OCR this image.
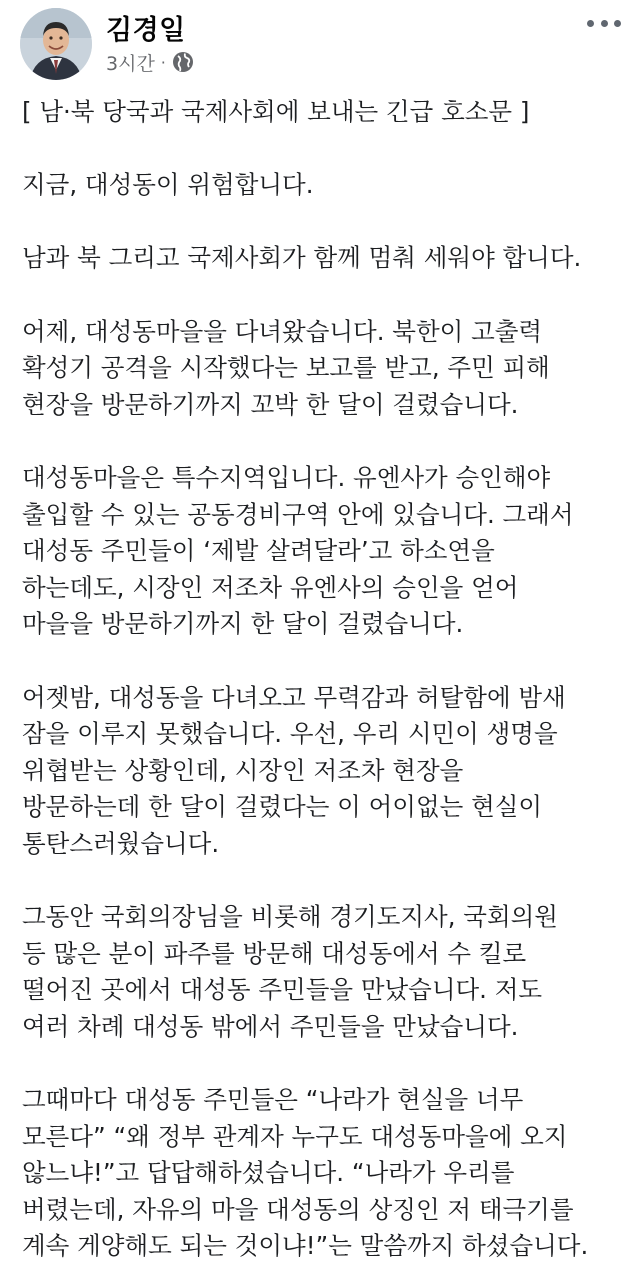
김경일
3시간 ·
[ 남·북 당국과 국제사회에 보내는 긴급 호소문 ]
지금, 대성동이 위험합니다.
남과 북 그리고 국제사회가 함께 멈춰 세워야 합니다.
어제, 대성동마을을 다녀왔습니다. 북한이 고출력
확성기 공격을 시작했다는 보고를 받고, 주민 피해
현장을 방문하기까지 꼬박 한 달이 걸렸습니다.
대성동마을은 특수지역입니다. 유엔사가 승인해야
출입할 수 있는 공동경비구역 안에 있습니다. 그래서
대성동 주민들이 ‘제발 살려달라’고 하소연을
하는데도, 시장인 저조차 유엔사의 승인을 얻어
마을을 방문하기까지 한 달이 걸렸습니다.
어젯밤, 대성동을 다녀오고 무력감과 허탈함에 밤새
잠을 이루지 못했습니다. 우선, 우리 시민이 생명을
위협받는 상황인데, 시장인 저조차 현장을
방문하는데 한 달이 걸렸다는 이 어이없는 현실이
통탄스러웠습니다.
그동안 국회의장님을 비롯해 경기도지사, 국회의원
등 많은 분이 파주를 방문해 대성동에서 수 킬로
떨어진 곳에서 대성동 주민들을 만났습니다. 저도
여러 차례 대성동 밖에서 주민들을 만났습니다.
그때마다 대성동 주민들은 “나라가 현실을 너무
모른다” “왜 정부 관계자 누구도 대성동마을에 오지
않느냐!”고 답답해하셨습니다. “나라가 우리를
버렸는데, 자유의 마을 대성동의 상징인 저 태극기를
계속 게양해도 되는 것이냐!”는 말씀까지 하셨습니다.
